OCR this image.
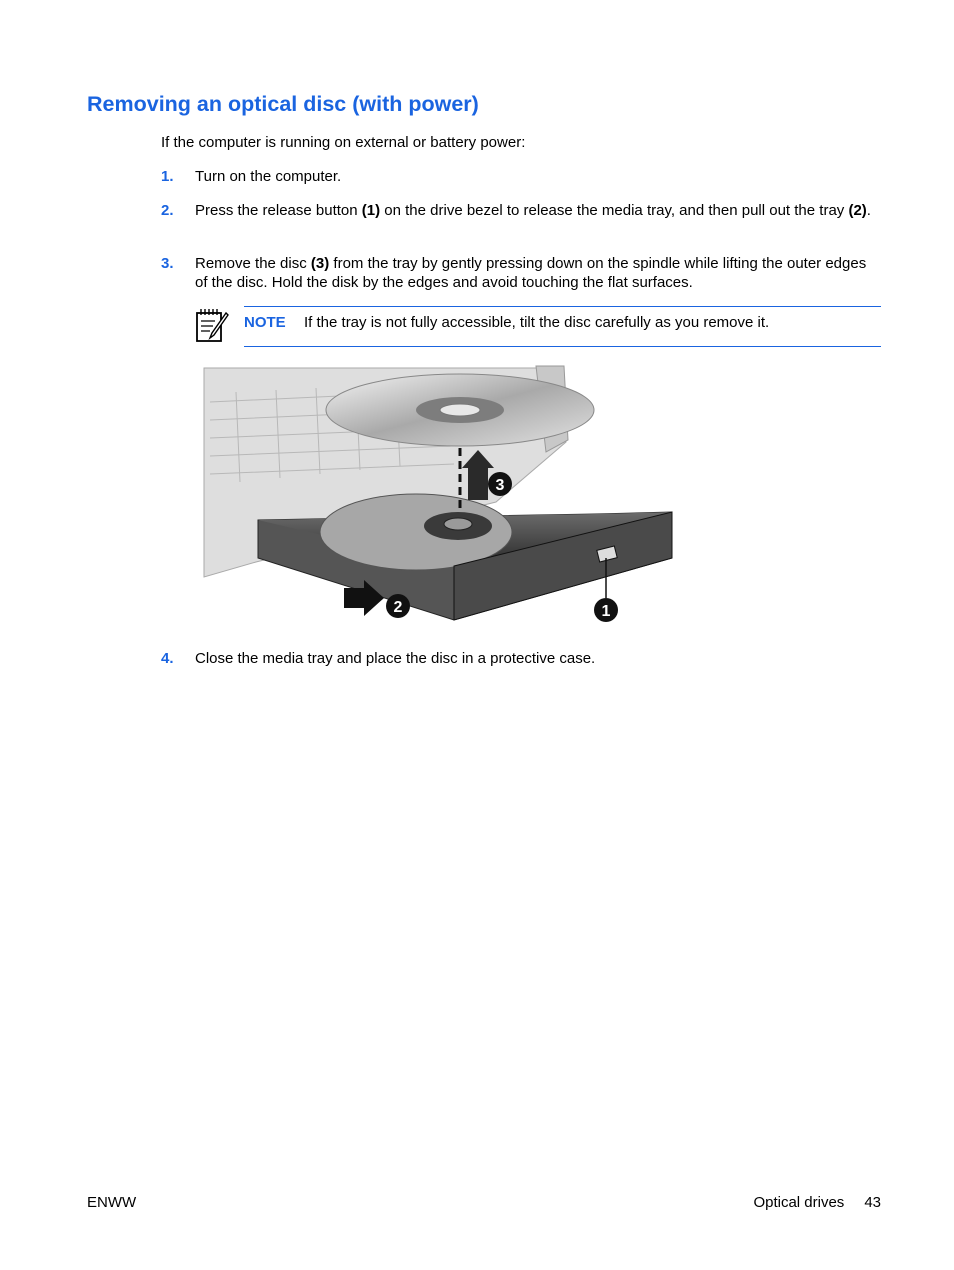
Removing an optical disc (with power)
If the computer is running on external or battery power:
1. Turn on the computer.
2. Press the release button (1) on the drive bezel to release the media tray, and then pull out the tray (2).
3. Remove the disc (3) from the tray by gently pressing down on the spindle while lifting the outer edges of the disc. Hold the disk by the edges and avoid touching the flat surfaces.
NOTE If the tray is not fully accessible, tilt the disc carefully as you remove it.
1
2
3
4. Close the media tray and place the disc in a protective case.
ENWW	Optical drives 43
